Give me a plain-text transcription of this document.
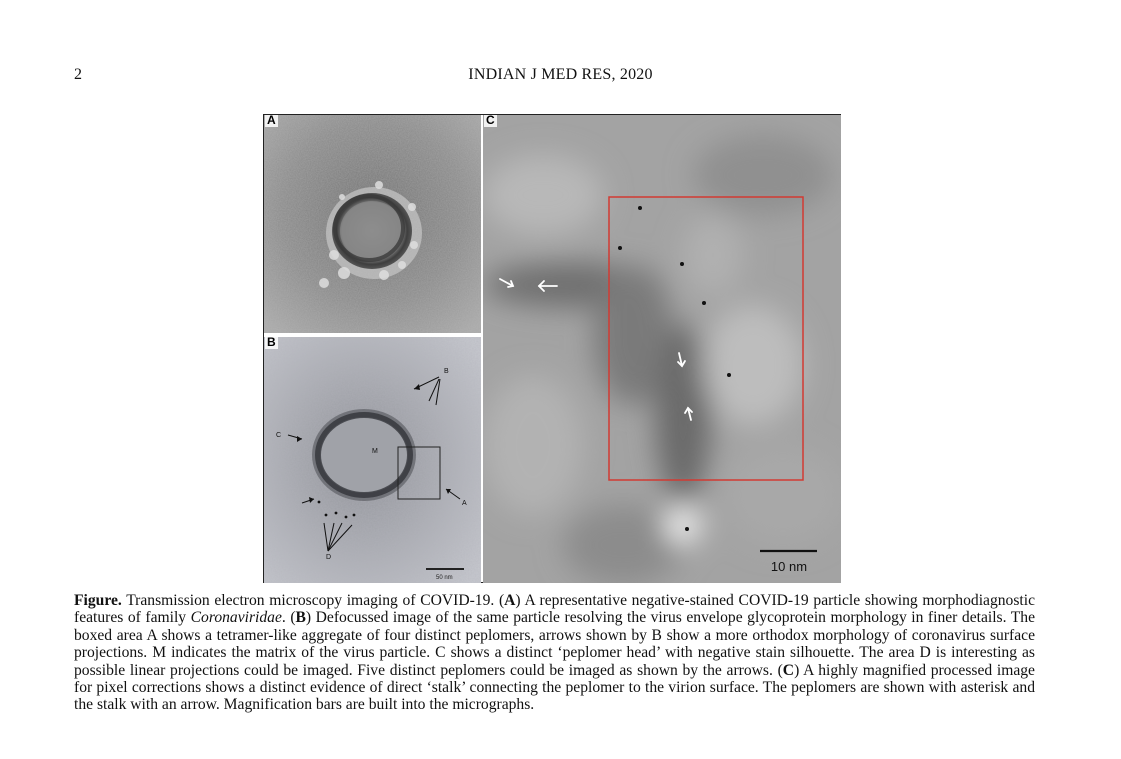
2	INDIAN J MED RES, 2020
A
B
C
M
A
D
50 nm
B
10 nm
C
Figure. Transmission electron microscopy imaging of COVID-19. (A) A representative negative-stained COVID-19 particle showing morphodiagnostic features of family Coronaviridae. (B) Defocussed image of the same particle resolving the virus envelope glycoprotein morphology in finer details. The boxed area A shows a tetramer-like aggregate of four distinct peplomers, arrows shown by B show a more orthodox morphology of coronavirus surface projections. M indicates the matrix of the virus particle. C shows a distinct ‘peplomer head’ with negative stain silhouette. The area D is interesting as possible linear projections could be imaged. Five distinct peplomers could be imaged as shown by the arrows. (C) A highly magnified processed image for pixel corrections shows a distinct evidence of direct ‘stalk’ connecting the peplomer to the virion surface. The peplomers are shown with asterisk and the stalk with an arrow. Magnification bars are built into the micrographs.
